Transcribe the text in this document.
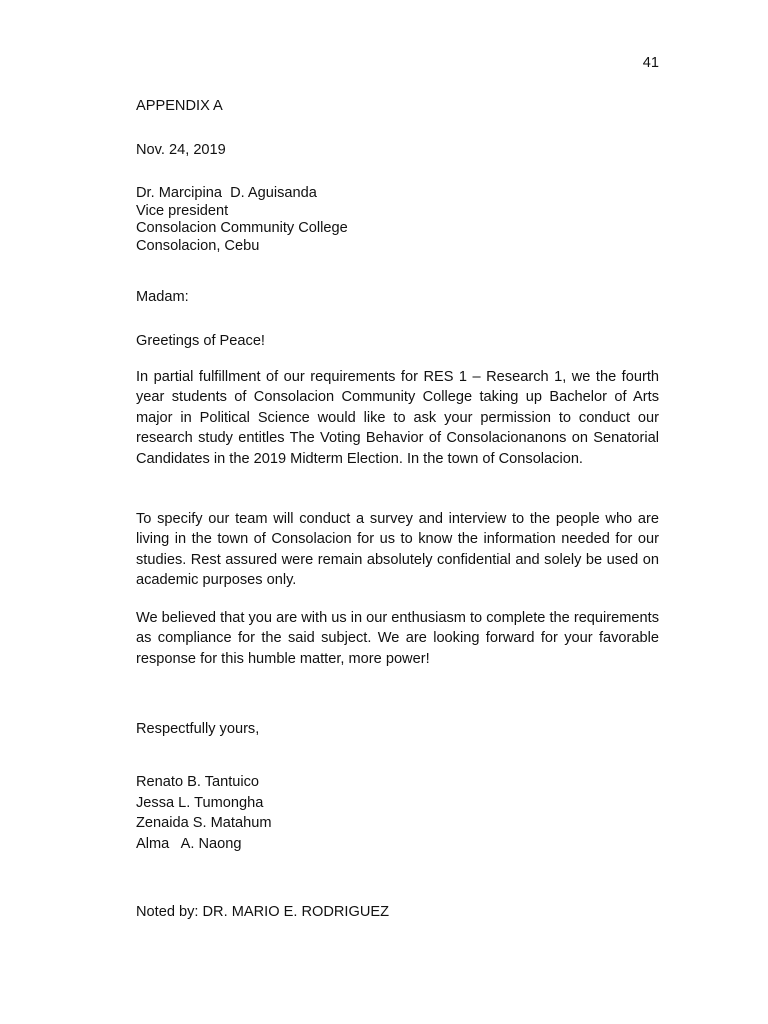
41
APPENDIX A
Nov. 24, 2019
Dr. Marcipina  D. Aguisanda
Vice president
Consolacion Community College
Consolacion, Cebu
Madam:
Greetings of Peace!
In partial fulfillment of our requirements for RES 1 – Research 1, we the fourth year students of Consolacion Community College taking up Bachelor of Arts major in Political Science would like to ask your permission to conduct our research study entitles The Voting Behavior of Consolacionanons on Senatorial Candidates in the 2019 Midterm Election. In the town of Consolacion.
To specify our team will conduct a survey and interview to the people who are living in the town of Consolacion for us to know the information needed for our studies. Rest assured were remain absolutely confidential and solely be used on academic purposes only.
We believed that you are with us in our enthusiasm to complete the requirements as compliance for the said subject. We are looking forward for your favorable response for this humble matter, more power!
Respectfully yours,
Renato B. Tantuico
Jessa L. Tumongha
Zenaida S. Matahum
Alma   A. Naong
Noted by: DR. MARIO E. RODRIGUEZ
